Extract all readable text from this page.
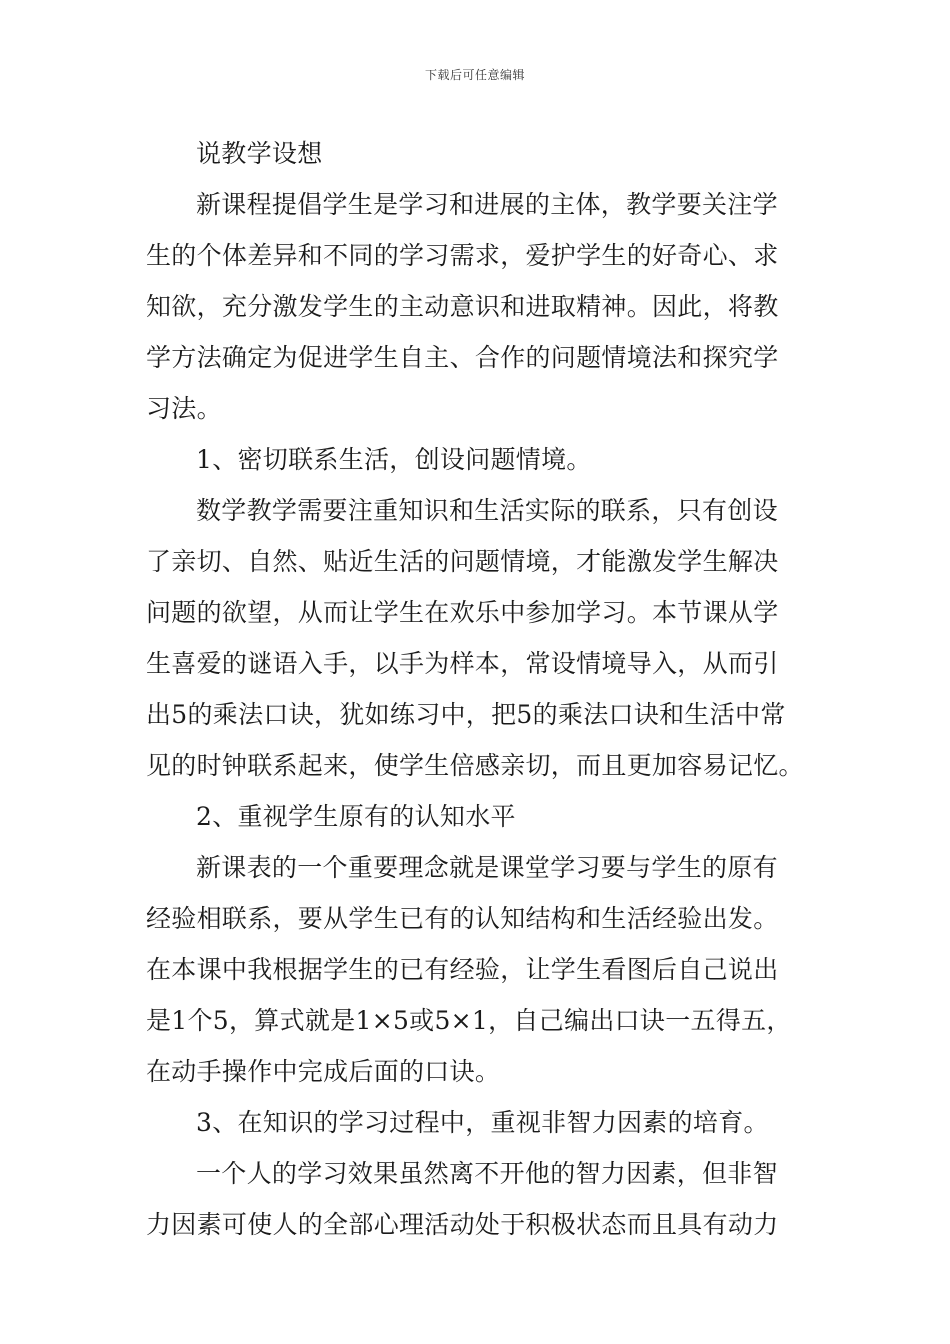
下载后可任意编辑
说教学设想
新课程提倡学生是学习和进展的主体，教学要关注学
生的个体差异和不同的学习需求，爱护学生的好奇心、求
知欲，充分激发学生的主动意识和进取精神。因此，将教
学方法确定为促进学生自主、合作的问题情境法和探究学
习法。
1、密切联系生活，创设问题情境。
数学教学需要注重知识和生活实际的联系，只有创设
了亲切、自然、贴近生活的问题情境，才能激发学生解决
问题的欲望，从而让学生在欢乐中参加学习。本节课从学
生喜爱的谜语入手，以手为样本，常设情境导入，从而引
出5的乘法口诀，犹如练习中，把5的乘法口诀和生活中常
见的时钟联系起来，使学生倍感亲切，而且更加容易记忆。
2、重视学生原有的认知水平
新课表的一个重要理念就是课堂学习要与学生的原有
经验相联系，要从学生已有的认知结构和生活经验出发。
在本课中我根据学生的已有经验，让学生看图后自己说出
是1个5，算式就是1×5或5×1，自己编出口诀一五得五，
在动手操作中完成后面的口诀。
3、在知识的学习过程中，重视非智力因素的培育。
一个人的学习效果虽然离不开他的智力因素，但非智
力因素可使人的全部心理活动处于积极状态而且具有动力
